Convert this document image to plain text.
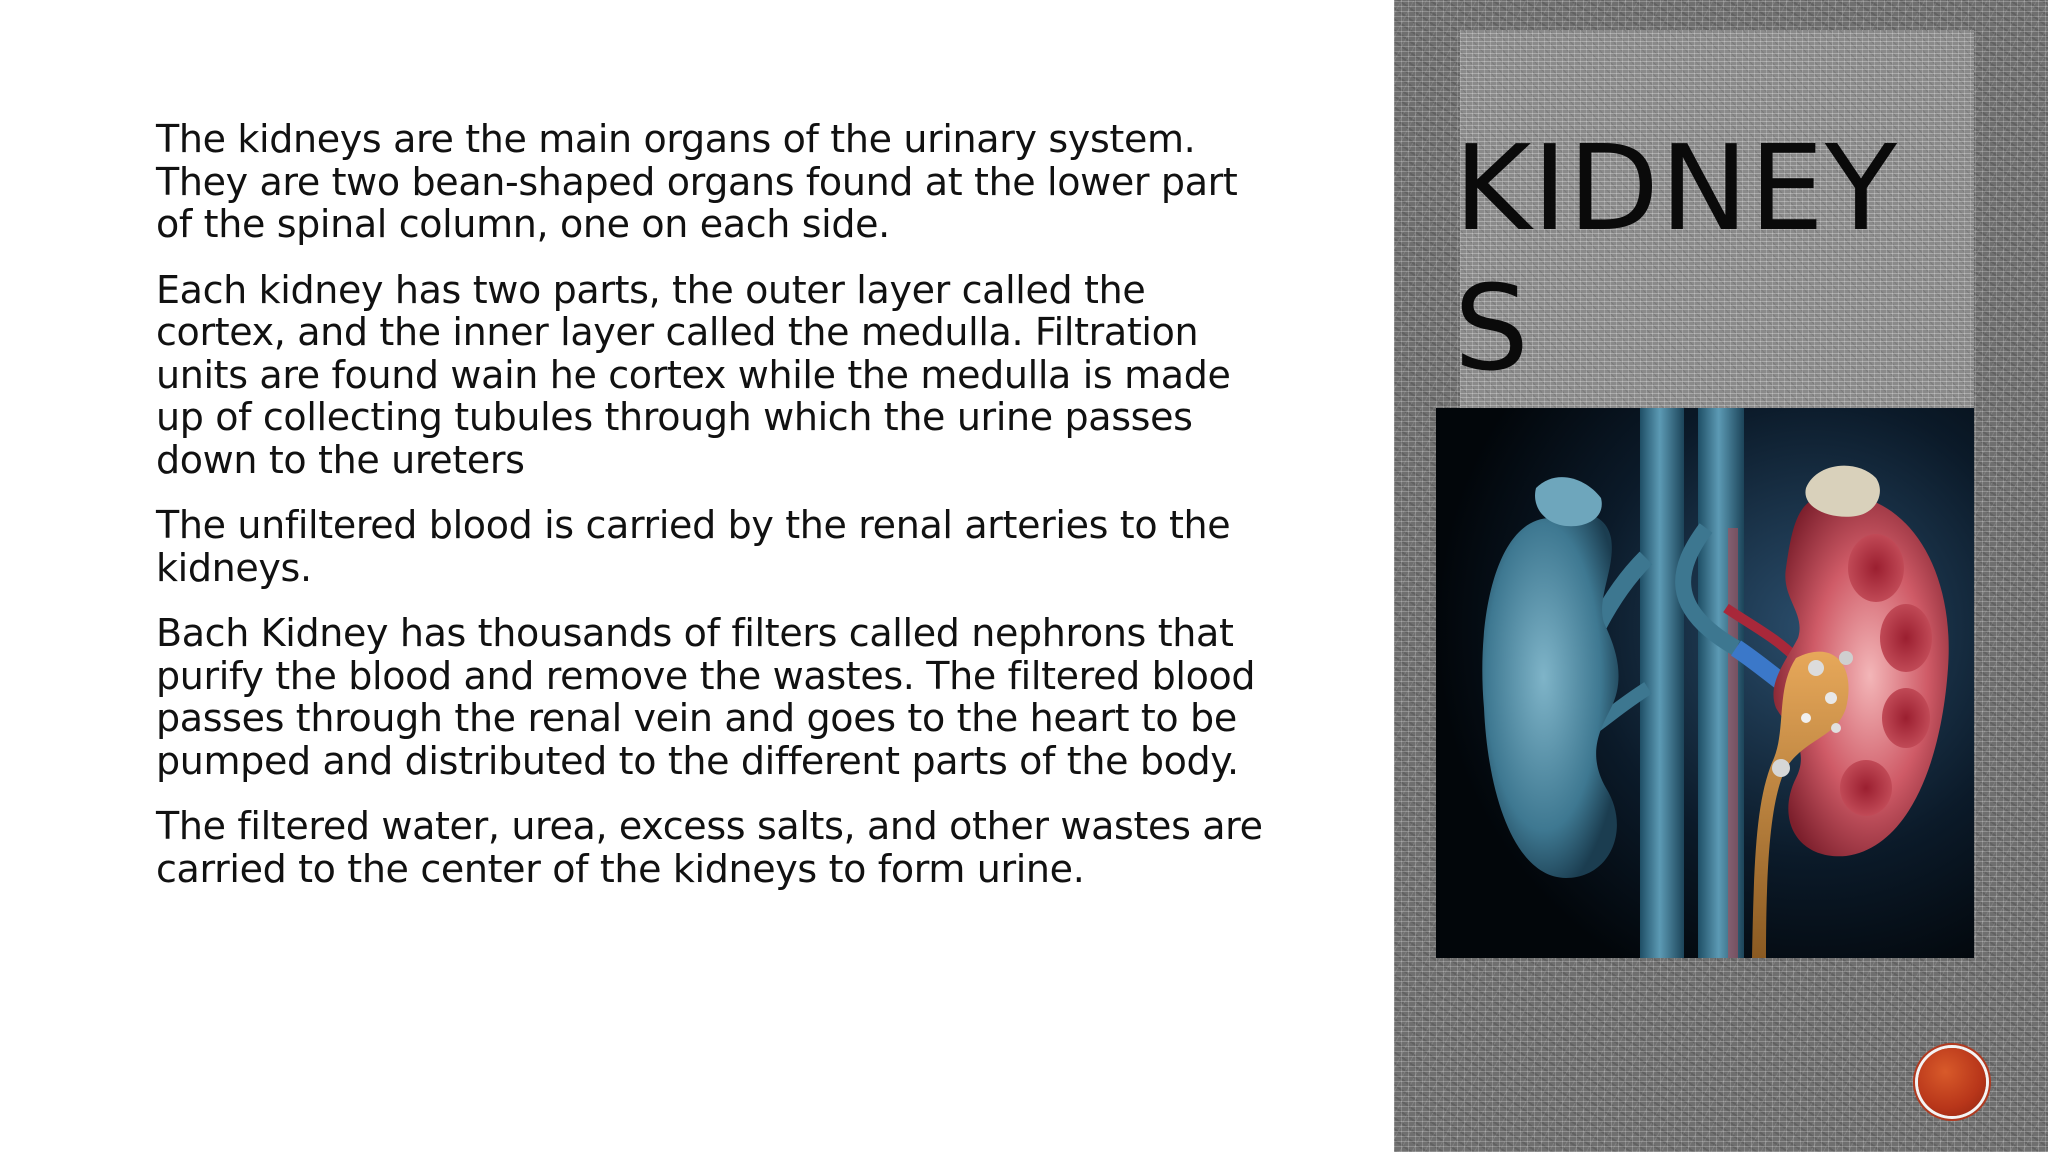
The kidneys are the main organs of the urinary system.
They are two bean-shaped organs found at the lower part
of the spinal column, one on each side.

Each kidney has two parts, the outer layer called the
cortex, and the inner layer called the medulla. Filtration
units are found wain he cortex while the medulla is made
up of collecting tubules through which the urine passes
down to the ureters

The unfiltered blood is carried by the renal arteries to the
kidneys.

Bach Kidney has thousands of filters called nephrons that
purify the blood and remove the wastes. The filtered blood
passes through the renal vein and goes to the heart to be
pumped and distributed to the different parts of the body.

The filtered water, urea, excess salts, and other wastes are
carried to the center of the kidneys to form urine.

KIDNEY
S
